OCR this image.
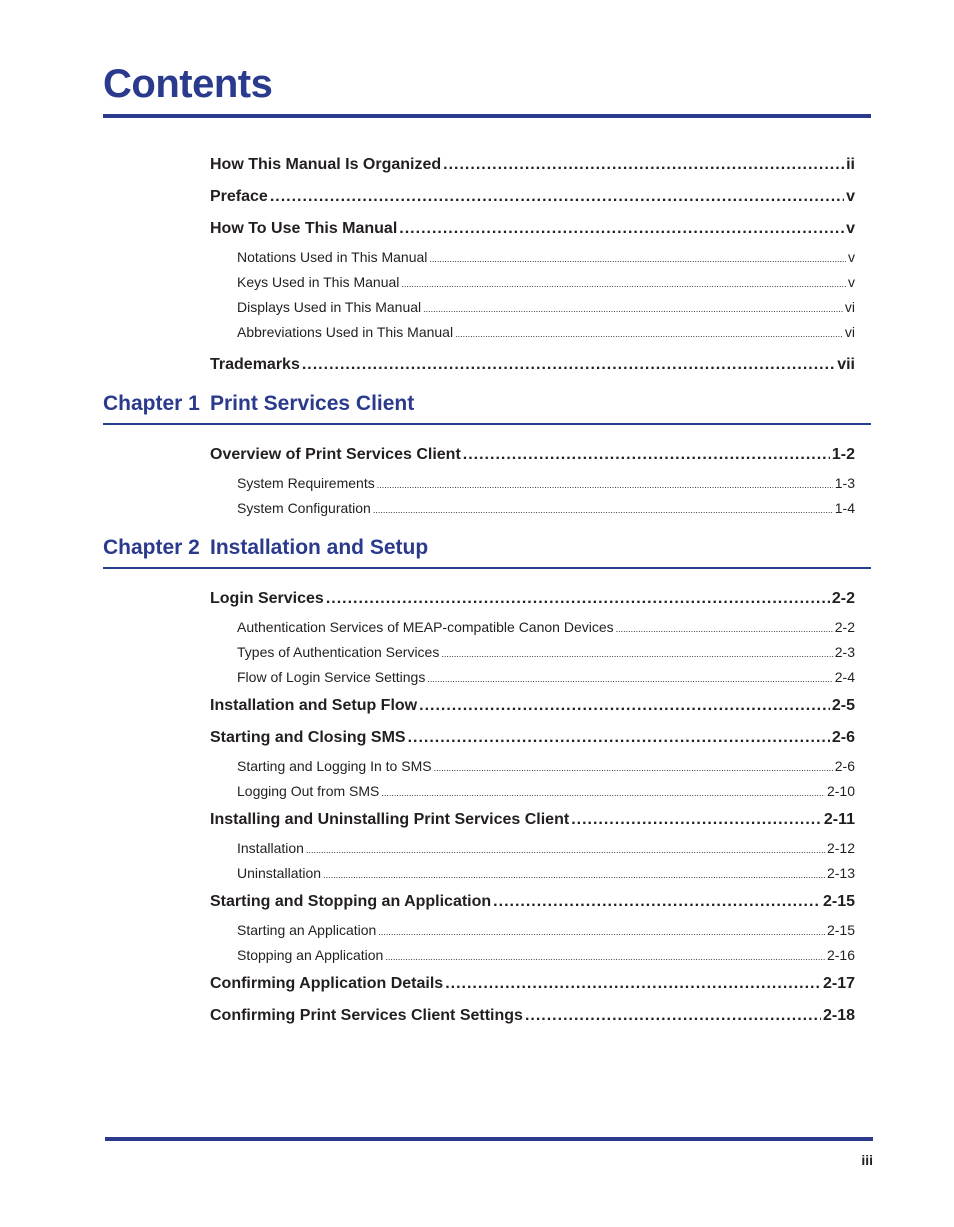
Contents
How This Manual Is Organized .....	ii
Preface .....	v
How To Use This Manual .....	v
Notations Used in This Manual .....	v
Keys Used in This Manual .....	v
Displays Used in This Manual .....	vi
Abbreviations Used in This Manual .....	vi
Trademarks .....	vii
Chapter 1 Print Services Client
Overview of Print Services Client .....	1-2
System Requirements .....	1-3
System Configuration .....	1-4
Chapter 2 Installation and Setup
Login Services .....	2-2
Authentication Services of MEAP-compatible Canon Devices .....	2-2
Types of Authentication Services .....	2-3
Flow of Login Service Settings .....	2-4
Installation and Setup Flow .....	2-5
Starting and Closing SMS .....	2-6
Starting and Logging In to SMS .....	2-6
Logging Out from SMS .....	2-10
Installing and Uninstalling Print Services Client .....	2-11
Installation .....	2-12
Uninstallation .....	2-13
Starting and Stopping an Application .....	2-15
Starting an Application .....	2-15
Stopping an Application .....	2-16
Confirming Application Details .....	2-17
Confirming Print Services Client Settings .....	2-18
iii
